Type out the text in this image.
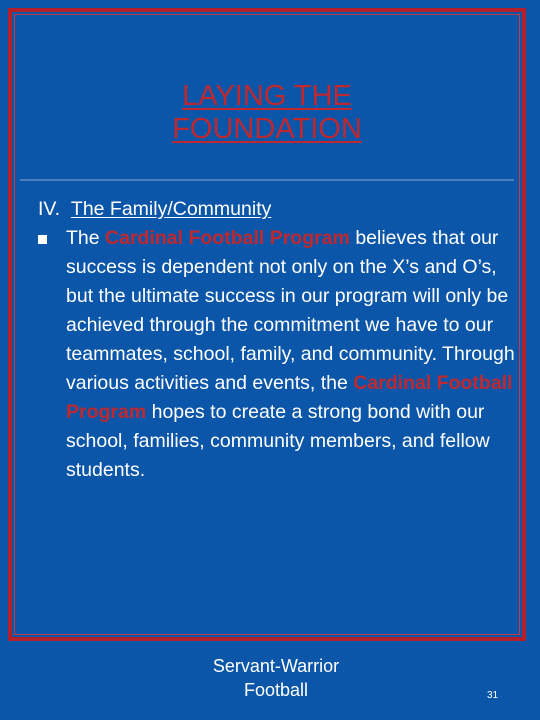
LAYING THE
FOUNDATION
IV. The Family/Community
The Cardinal Football Program believes that our success is dependent not only on the X’s and O’s, but the ultimate success in our program will only be achieved through the commitment we have to our teammates, school, family, and community. Through various activities and events, the Cardinal Football Program hopes to create a strong bond with our school, families, community members, and fellow students.
Servant-Warrior
Football	31
